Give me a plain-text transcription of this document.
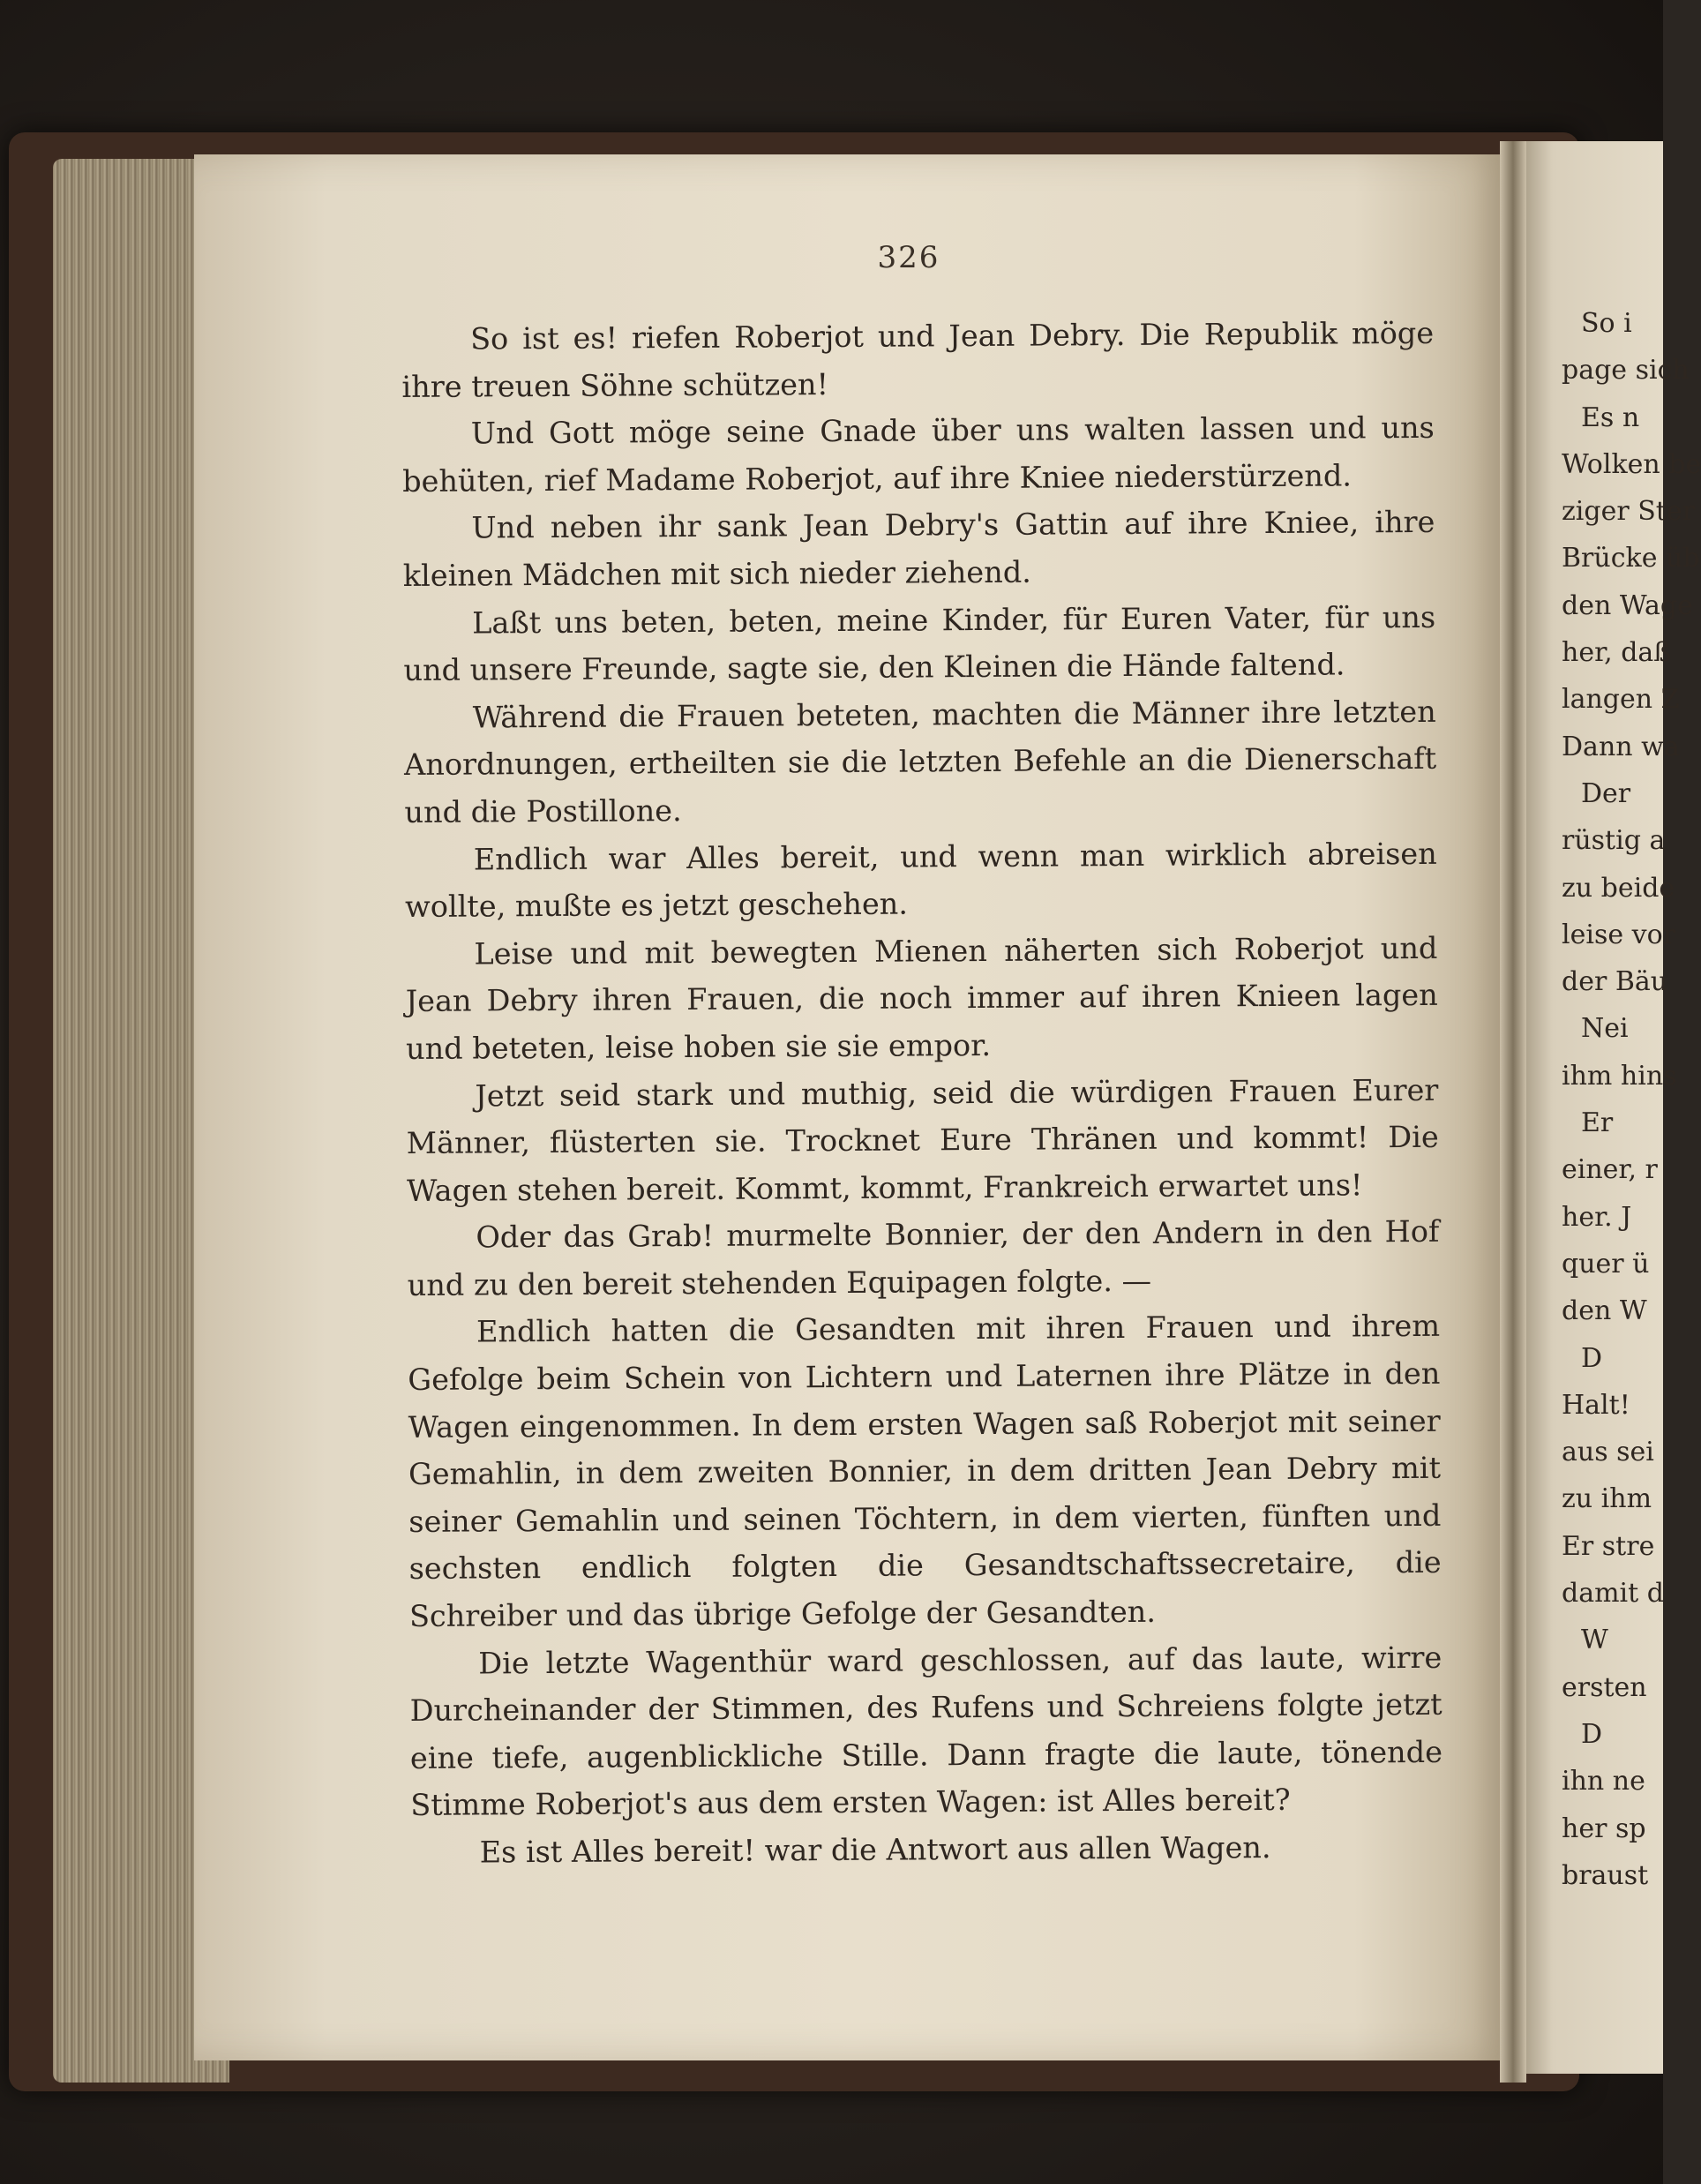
326

So ist es! riefen Roberjot und Jean Debry. Die Republik möge ihre treuen Söhne schützen!

Und Gott möge seine Gnade über uns walten lassen und uns behüten, rief Madame Roberjot, auf ihre Kniee niederstürzend.

Und neben ihr sank Jean Debry's Gattin auf ihre Kniee, ihre kleinen Mädchen mit sich nieder ziehend.

Laßt uns beten, beten, meine Kinder, für Euren Vater, für uns und unsere Freunde, sagte sie, den Kleinen die Hände faltend.

Während die Frauen beteten, machten die Männer ihre letzten Anordnungen, ertheilten sie die letzten Befehle an die Dienerschaft und die Postillone.

Endlich war Alles bereit, und wenn man wirklich abreisen wollte, mußte es jetzt geschehen.

Leise und mit bewegten Mienen näherten sich Roberjot und Jean Debry ihren Frauen, die noch immer auf ihren Knieen lagen und beteten, leise hoben sie sie empor.

Jetzt seid stark und muthig, seid die würdigen Frauen Eurer Männer, flüsterten sie. Trocknet Eure Thränen und kommt! Die Wagen stehen bereit. Kommt, kommt, Frankreich erwartet uns!

Oder das Grab! murmelte Bonnier, der den Andern in den Hof und zu den bereit stehenden Equipagen folgte. —

Endlich hatten die Gesandten mit ihren Frauen und ihrem Gefolge beim Schein von Lichtern und Laternen ihre Plätze in den Wagen eingenommen. In dem ersten Wagen saß Roberjot mit seiner Gemahlin, in dem zweiten Bonnier, in dem dritten Jean Debry mit seiner Gemahlin und seinen Töchtern, in dem vierten, fünften und sechsten endlich folgten die Gesandtschaftssecretaire, die Schreiber und das übrige Gefolge der Gesandten.

Die letzte Wagenthür ward geschlossen, auf das laute, wirre Durcheinander der Stimmen, des Rufens und Schreiens folgte jetzt eine tiefe, augenblickliche Stille. Dann fragte die laute, tönende Stimme Roberjot's aus dem ersten Wagen: ist Alles bereit?

Es ist Alles bereit! war die Antwort aus allen Wagen.

So i
page sich
Es n
Wolken be
ziger Ster
Brücke üb
den Wage
her, daß
langen Z
Dann wa
Der
rüstig a
zu beide
leise vor
der Bäu
Nei
ihm hins
Er
einer, r
her. J
quer ü
den W
D
Halt!
aus sei
zu ihm
Er stre
damit d
W
ersten
D
ihn ne
her sp
braust
